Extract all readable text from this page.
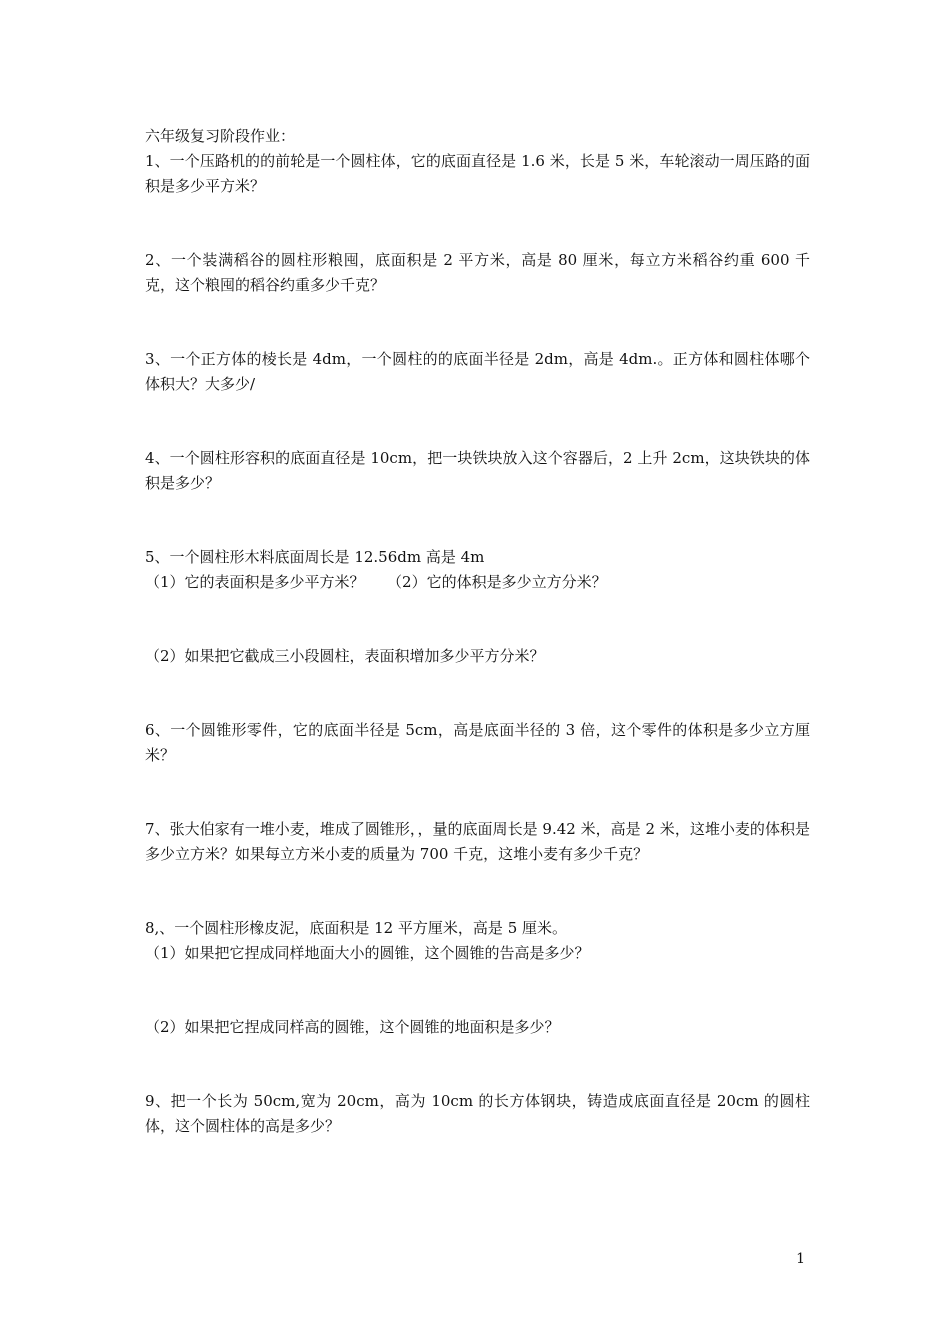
六年级复习阶段作业：
1、一个压路机的的前轮是一个圆柱体，它的底面直径是 1.6 米，长是 5 米，车轮滚动一周压路的面积是多少平方米？
2、一个装满稻谷的圆柱形粮囤，底面积是 2 平方米，高是 80 厘米，每立方米稻谷约重 600 千克，这个粮囤的稻谷约重多少千克？
3、一个正方体的棱长是 4dm，一个圆柱的的底面半径是 2dm，高是 4dm.。正方体和圆柱体哪个体积大？大多少/
4、一个圆柱形容积的底面直径是 10cm，把一块铁块放入这个容器后，2 上升 2cm，这块铁块的体积是多少？
5、一个圆柱形木料底面周长是 12.56dm 高是 4m
（1）它的表面积是多少平方米？　　（2）它的体积是多少立方分米？
（2）如果把它截成三小段圆柱，表面积增加多少平方分米？
6、一个圆锥形零件，它的底面半径是 5cm，高是底面半径的 3 倍，这个零件的体积是多少立方厘米？
7、张大伯家有一堆小麦，堆成了圆锥形，，量的底面周长是 9.42 米，高是 2 米，这堆小麦的体积是多少立方米？如果每立方米小麦的质量为 700 千克，这堆小麦有多少千克？
8,、一个圆柱形橡皮泥，底面积是 12 平方厘米，高是 5 厘米。
（1）如果把它捏成同样地面大小的圆锥，这个圆锥的告高是多少？
（2）如果把它捏成同样高的圆锥，这个圆锥的地面积是多少？
9、把一个长为 50cm,宽为 20cm，高为 10cm 的长方体钢块，铸造成底面直径是 20cm 的圆柱体，这个圆柱体的高是多少？
1
